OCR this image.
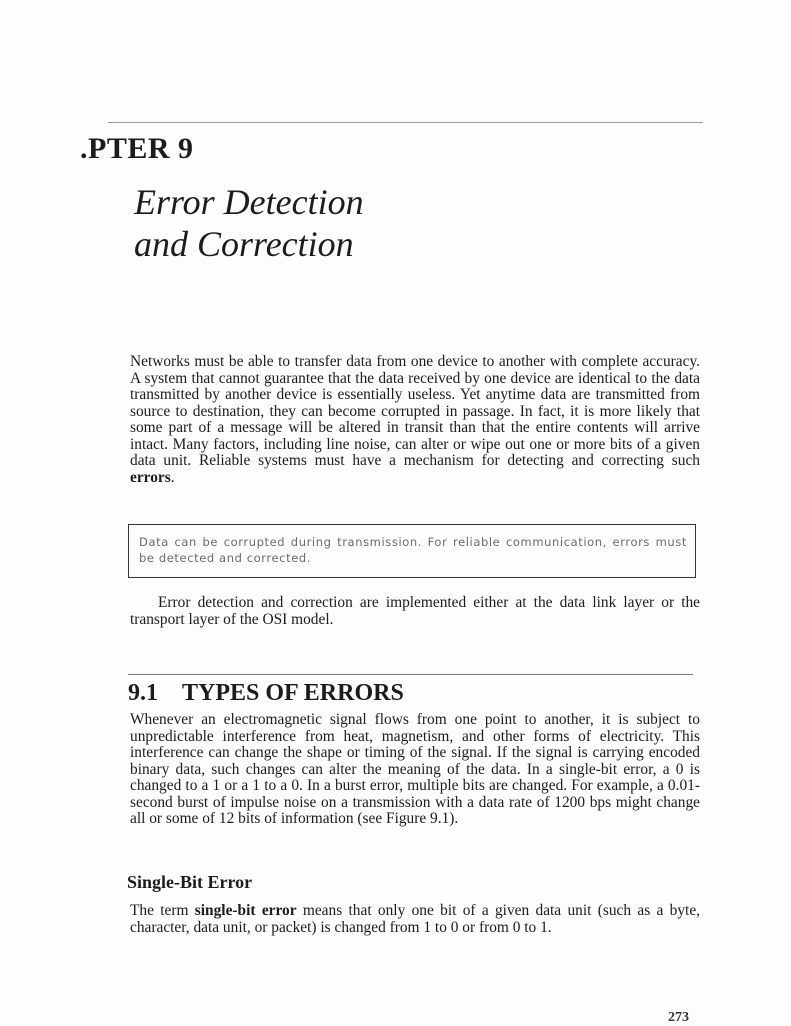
.PTER 9
Error Detection
and Correction
Networks must be able to transfer data from one device to another with complete accuracy. A system that cannot guarantee that the data received by one device are identical to the data transmitted by another device is essentially useless. Yet anytime data are transmitted from source to destination, they can become corrupted in passage. In fact, it is more likely that some part of a message will be altered in transit than that the entire contents will arrive intact. Many factors, including line noise, can alter or wipe out one or more bits of a given data unit. Reliable systems must have a mechanism for detecting and correcting such errors.
Data can be corrupted during transmission. For reliable communication, errors must be detected and corrected.
Error detection and correction are implemented either at the data link layer or the transport layer of the OSI model.
9.1 TYPES OF ERRORS
Whenever an electromagnetic signal flows from one point to another, it is subject to unpredictable interference from heat, magnetism, and other forms of electricity. This interference can change the shape or timing of the signal. If the signal is carrying encoded binary data, such changes can alter the meaning of the data. In a single-bit error, a 0 is changed to a 1 or a 1 to a 0. In a burst error, multiple bits are changed. For example, a 0.01-second burst of impulse noise on a transmission with a data rate of 1200 bps might change all or some of 12 bits of information (see Figure 9.1).
Single-Bit Error
The term single-bit error means that only one bit of a given data unit (such as a byte, character, data unit, or packet) is changed from 1 to 0 or from 0 to 1.
273
